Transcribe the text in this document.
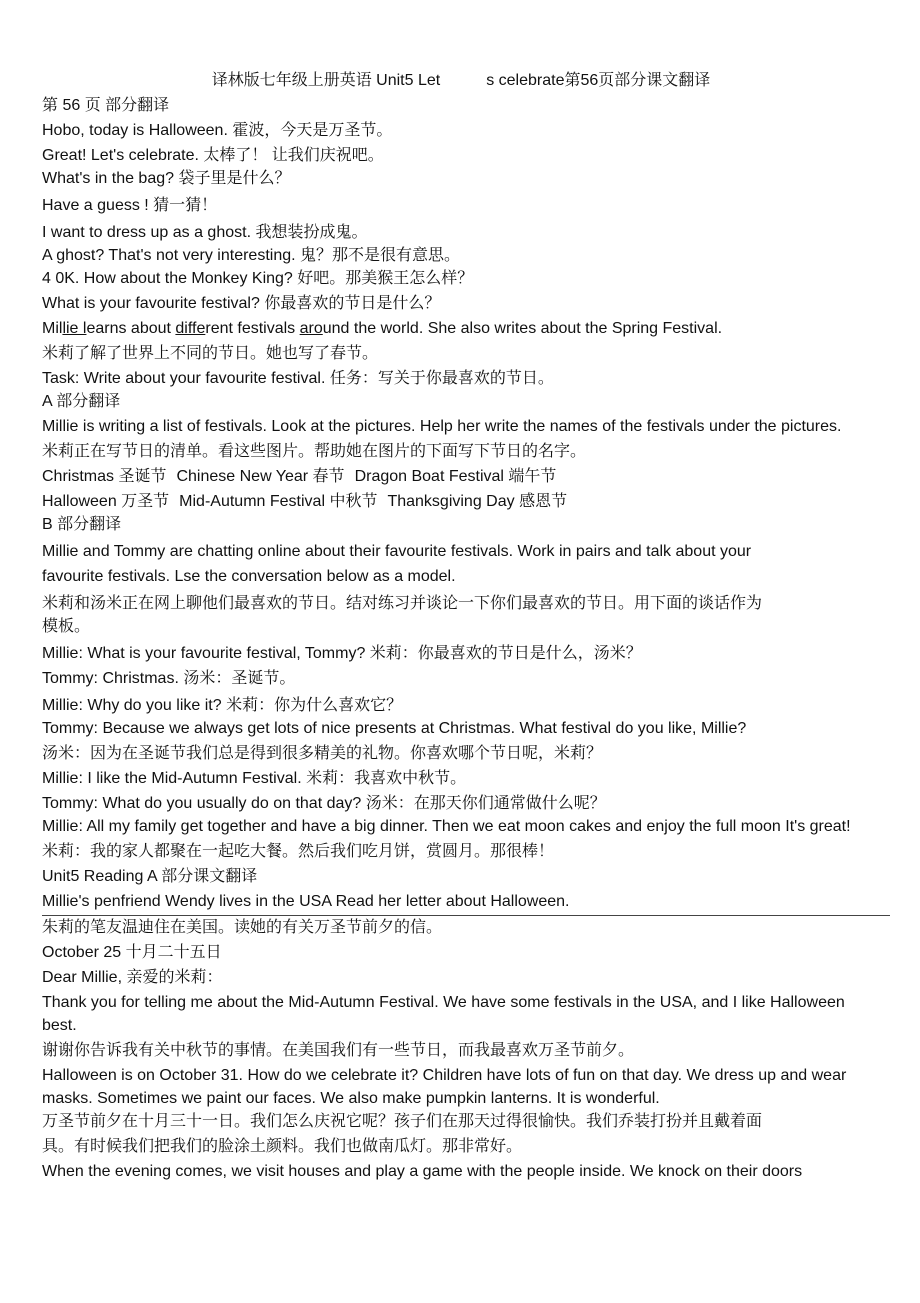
译林版七年级上册英语 Unit5 Let	s celebrate第56页部分课文翻译
第 56 页 部分翻译
Hobo, today is Halloween. 霍波，今天是万圣节。
Great! Let's celebrate. 太棒了！ 让我们庆祝吧。
What's in the bag? 袋子里是什么？
Have a guess ! 猜一猜！
I want to dress up as a ghost. 我想装扮成鬼。
A ghost? That's not very interesting. 鬼？那不是很有意思。
4 0K. How about the Monkey King? 好吧。那美猴王怎么样？
What is your favourite festival? 你最喜欢的节日是什么？
Millie learns about different festivals around the world. She also writes about the Spring Festival.
米莉了解了世界上不同的节日。她也写了春节。
Task: Write about your favourite festival. 任务：写关于你最喜欢的节日。
A 部分翻译
Millie is writing a list of festivals. Look at the pictures. Help her write the names of the festivals under the pictures.
米莉正在写节日的清单。看这些图片。帮助她在图片的下面写下节日的名字。
Christmas 圣诞节 Chinese New Year 春节 Dragon Boat Festival 端午节
Halloween 万圣节 Mid-Autumn Festival 中秋节 Thanksgiving Day 感恩节
B 部分翻译
Millie and Tommy are chatting online about their favourite festivals. Work in pairs and talk about your
favourite festivals. Lse the conversation below as a model.
米莉和汤米正在网上聊他们最喜欢的节日。结对练习并谈论一下你们最喜欢的节日。用下面的谈话作为
模板。
Millie: What is your favourite festival, Tommy? 米莉：你最喜欢的节日是什么，汤米？
Tommy: Christmas. 汤米：圣诞节。
Millie: Why do you like it? 米莉：你为什么喜欢它？
Tommy: Because we always get lots of nice presents at Christmas. What festival do you like, Millie?
汤米：因为在圣诞节我们总是得到很多精美的礼物。你喜欢哪个节日呢，米莉？
Millie: I like the Mid-Autumn Festival. 米莉：我喜欢中秋节。
Tommy: What do you usually do on that day? 汤米：在那天你们通常做什么呢？
Millie: All my family get together and have a big dinner. Then we eat moon cakes and enjoy the full moon It's great!
米莉：我的家人都聚在一起吃大餐。然后我们吃月饼，赏圆月。那很棒！
Unit5 Reading A 部分课文翻译
Millie's penfriend Wendy lives in the USA Read her letter about Halloween.
朱莉的笔友温迪住在美国。读她的有关万圣节前夕的信。
October 25 十月二十五日
Dear Millie, 亲爱的米莉：
Thank you for telling me about the Mid-Autumn Festival. We have some festivals in the USA, and I like Halloween best.
谢谢你告诉我有关中秋节的事情。在美国我们有一些节日，而我最喜欢万圣节前夕。
Halloween is on October 31. How do we celebrate it? Children have lots of fun on that day. We dress up and wear masks. Sometimes we paint our faces. We also make pumpkin lanterns. It is wonderful.
万圣节前夕在十月三十一日。我们怎么庆祝它呢？孩子们在那天过得很愉快。我们乔装打扮并且戴着面
具。有时候我们把我们的脸涂土颜料。我们也做南瓜灯。那非常好。
When the evening comes, we visit houses and play a game with the people inside. We knock on their doors
